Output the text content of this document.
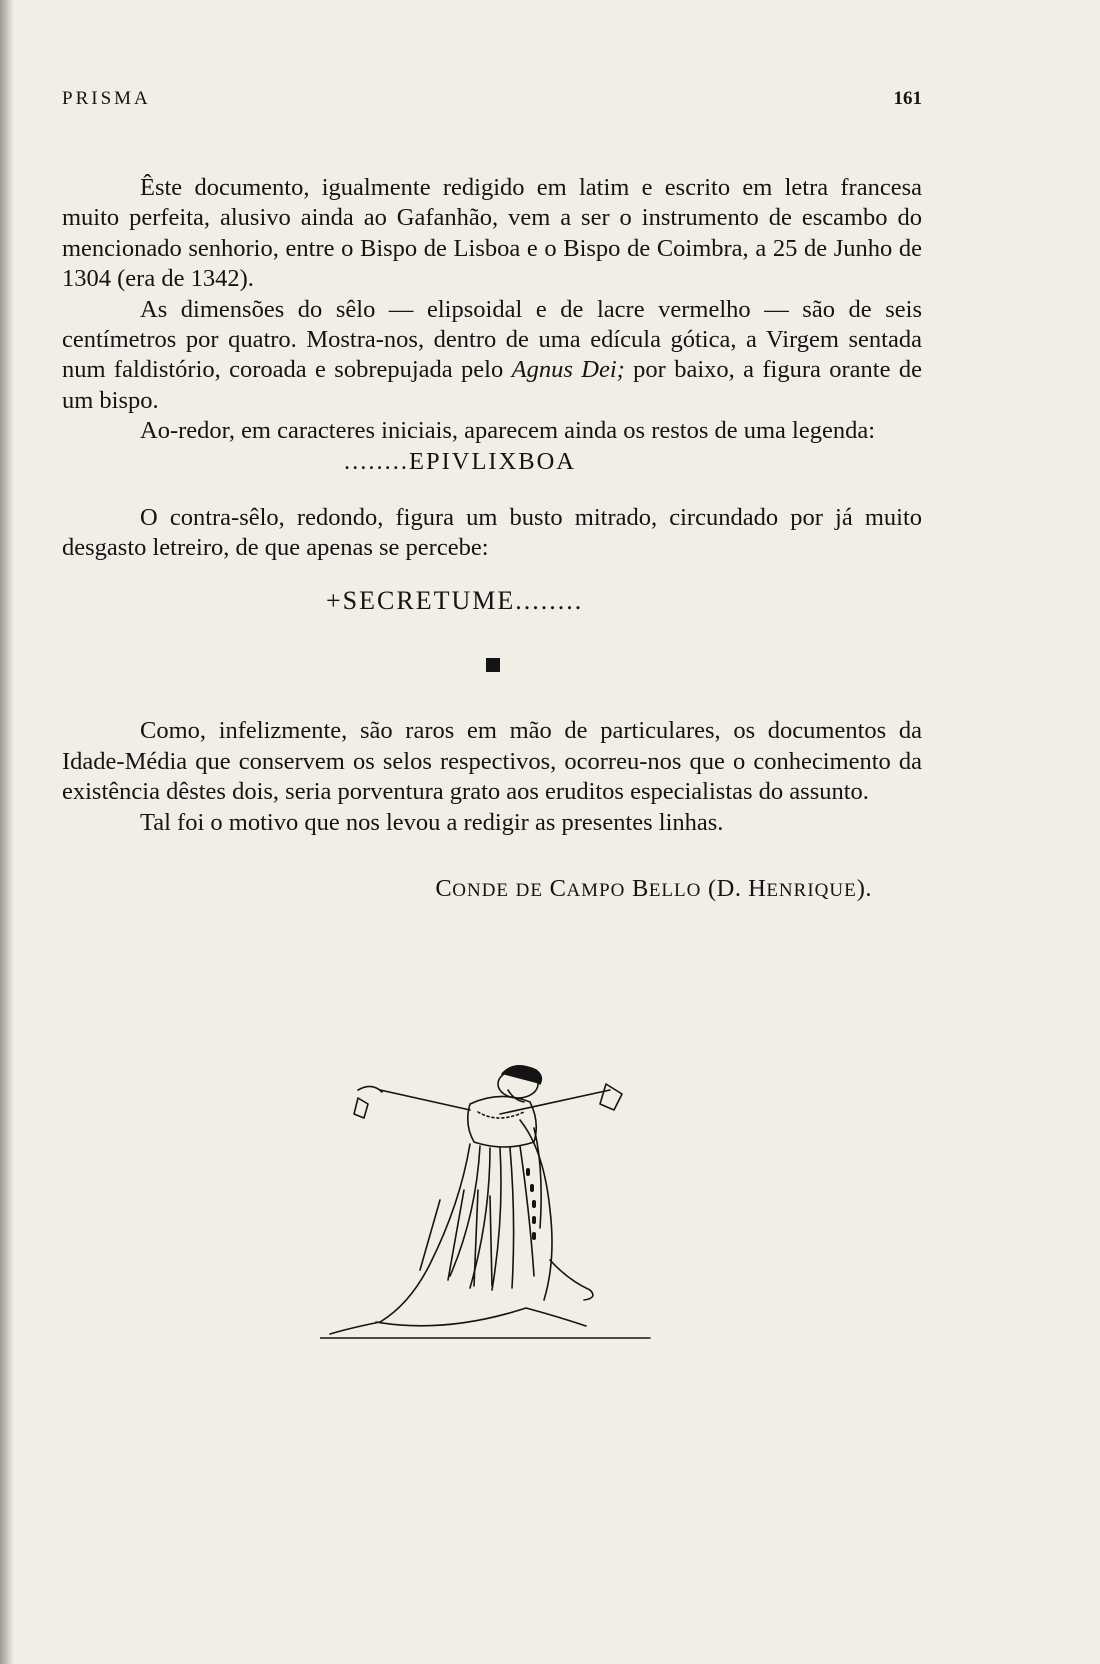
PRISMA	161

Êste documento, igualmente redigido em latim e escrito em letra francesa muito perfeita, alusivo ainda ao Gafanhão, vem a ser o instrumento de escambo do mencionado senhorio, entre o Bispo de Lisboa e o Bispo de Coimbra, a 25 de Junho de 1304 (era de 1342).

As dimensões do sêlo — elipsoidal e de lacre vermelho — são de seis centímetros por quatro. Mostra-nos, dentro de uma edícula gótica, a Virgem sentada num faldistório, coroada e sobrepujada pelo Agnus Dei; por baixo, a figura orante de um bispo.

Ao-redor, em caracteres iniciais, aparecem ainda os restos de uma legenda:

........EPIVLIXBOA

O contra-sêlo, redondo, figura um busto mitrado, circundado por já muito desgasto letreiro, de que apenas se percebe:

+SECRETUME........

Como, infelizmente, são raros em mão de particulares, os documentos da Idade-Média que conservem os selos respectivos, ocorreu-nos que o conhecimento da existência dêstes dois, seria porventura grato aos eruditos especialistas do assunto.

Tal foi o motivo que nos levou a redigir as presentes linhas.

CONDE DE CAMPO BELLO (D. HENRIQUE).
